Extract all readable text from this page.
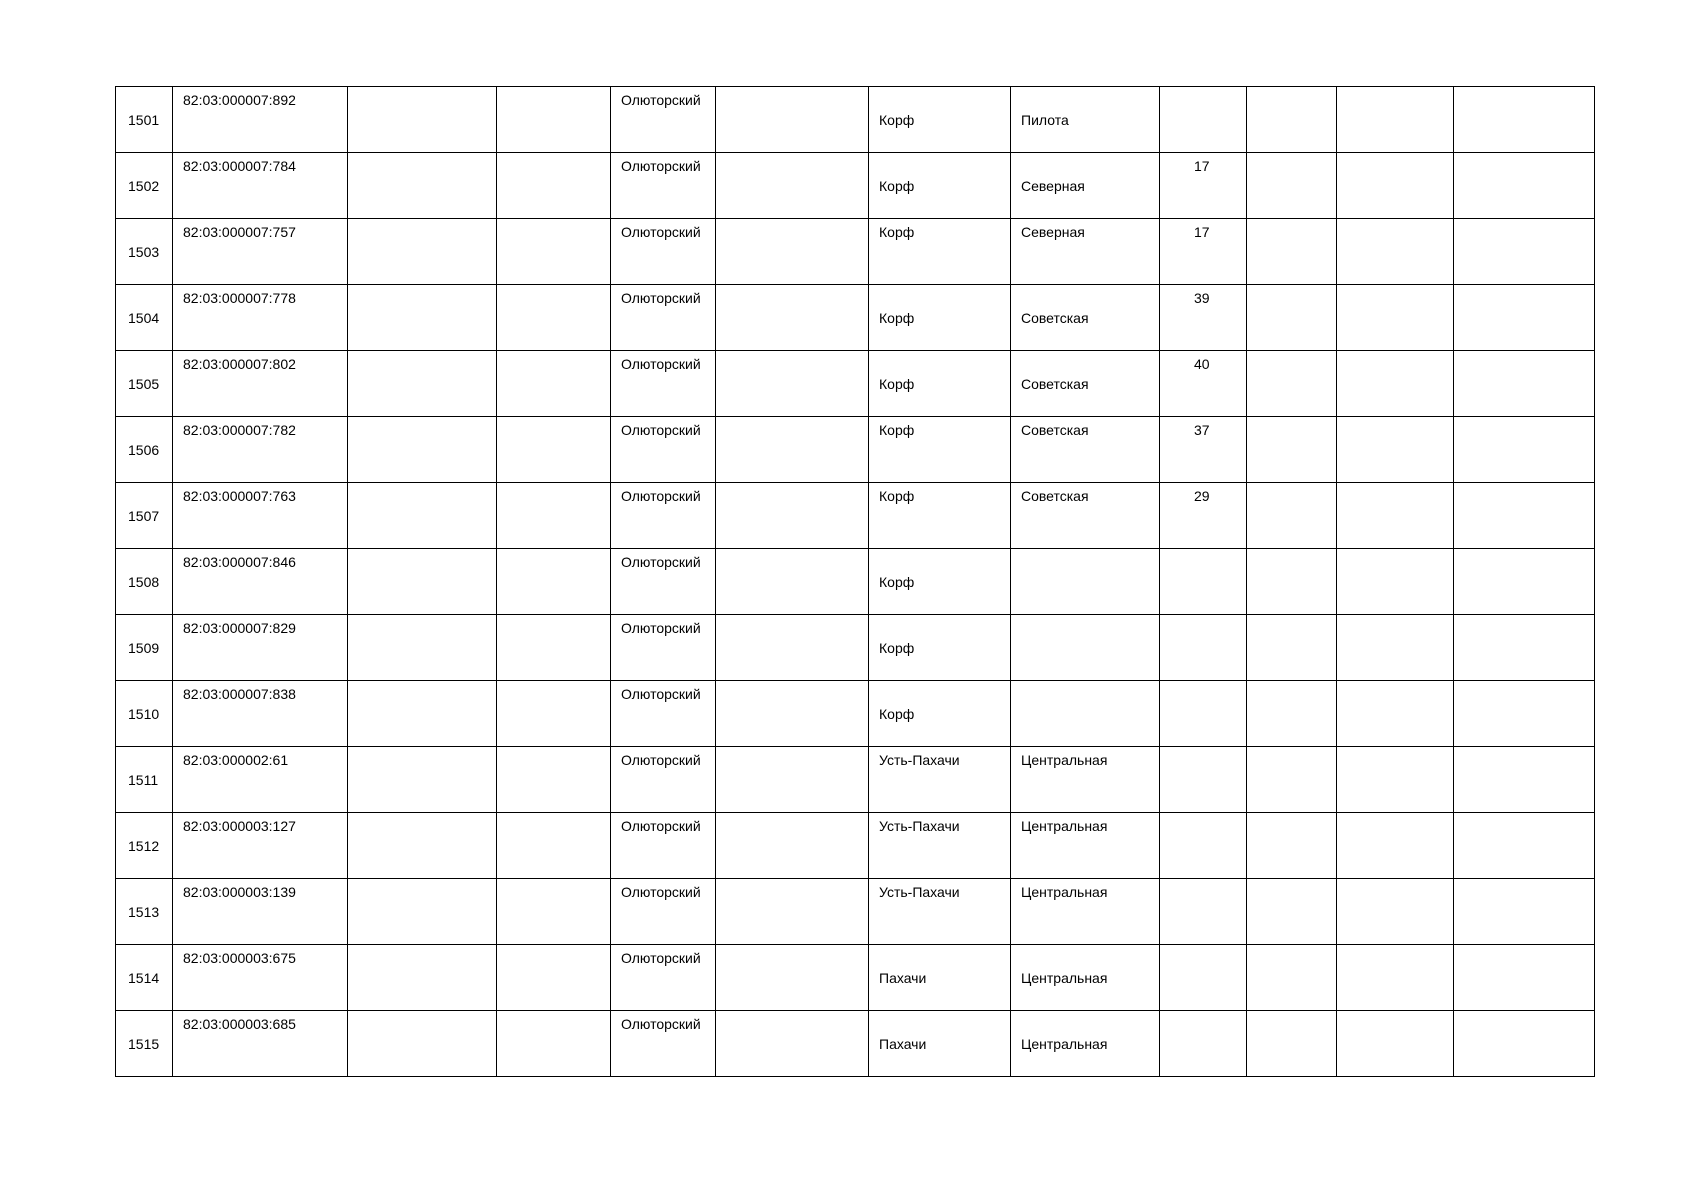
1501	82:03:000007:892			Олюторский		Корф	Пилота				
1502	82:03:000007:784			Олюторский		Корф	Северная	17			
1503	82:03:000007:757			Олюторский		Корф	Северная	17			
1504	82:03:000007:778			Олюторский		Корф	Советская	39			
1505	82:03:000007:802			Олюторский		Корф	Советская	40			
1506	82:03:000007:782			Олюторский		Корф	Советская	37			
1507	82:03:000007:763			Олюторский		Корф	Советская	29			
1508	82:03:000007:846			Олюторский		Корф					
1509	82:03:000007:829			Олюторский		Корф					
1510	82:03:000007:838			Олюторский		Корф					
1511	82:03:000002:61			Олюторский		Усть-Пахачи	Центральная				
1512	82:03:000003:127			Олюторский		Усть-Пахачи	Центральная				
1513	82:03:000003:139			Олюторский		Усть-Пахачи	Центральная				
1514	82:03:000003:675			Олюторский		Пахачи	Центральная				
1515	82:03:000003:685			Олюторский		Пахачи	Центральная				
